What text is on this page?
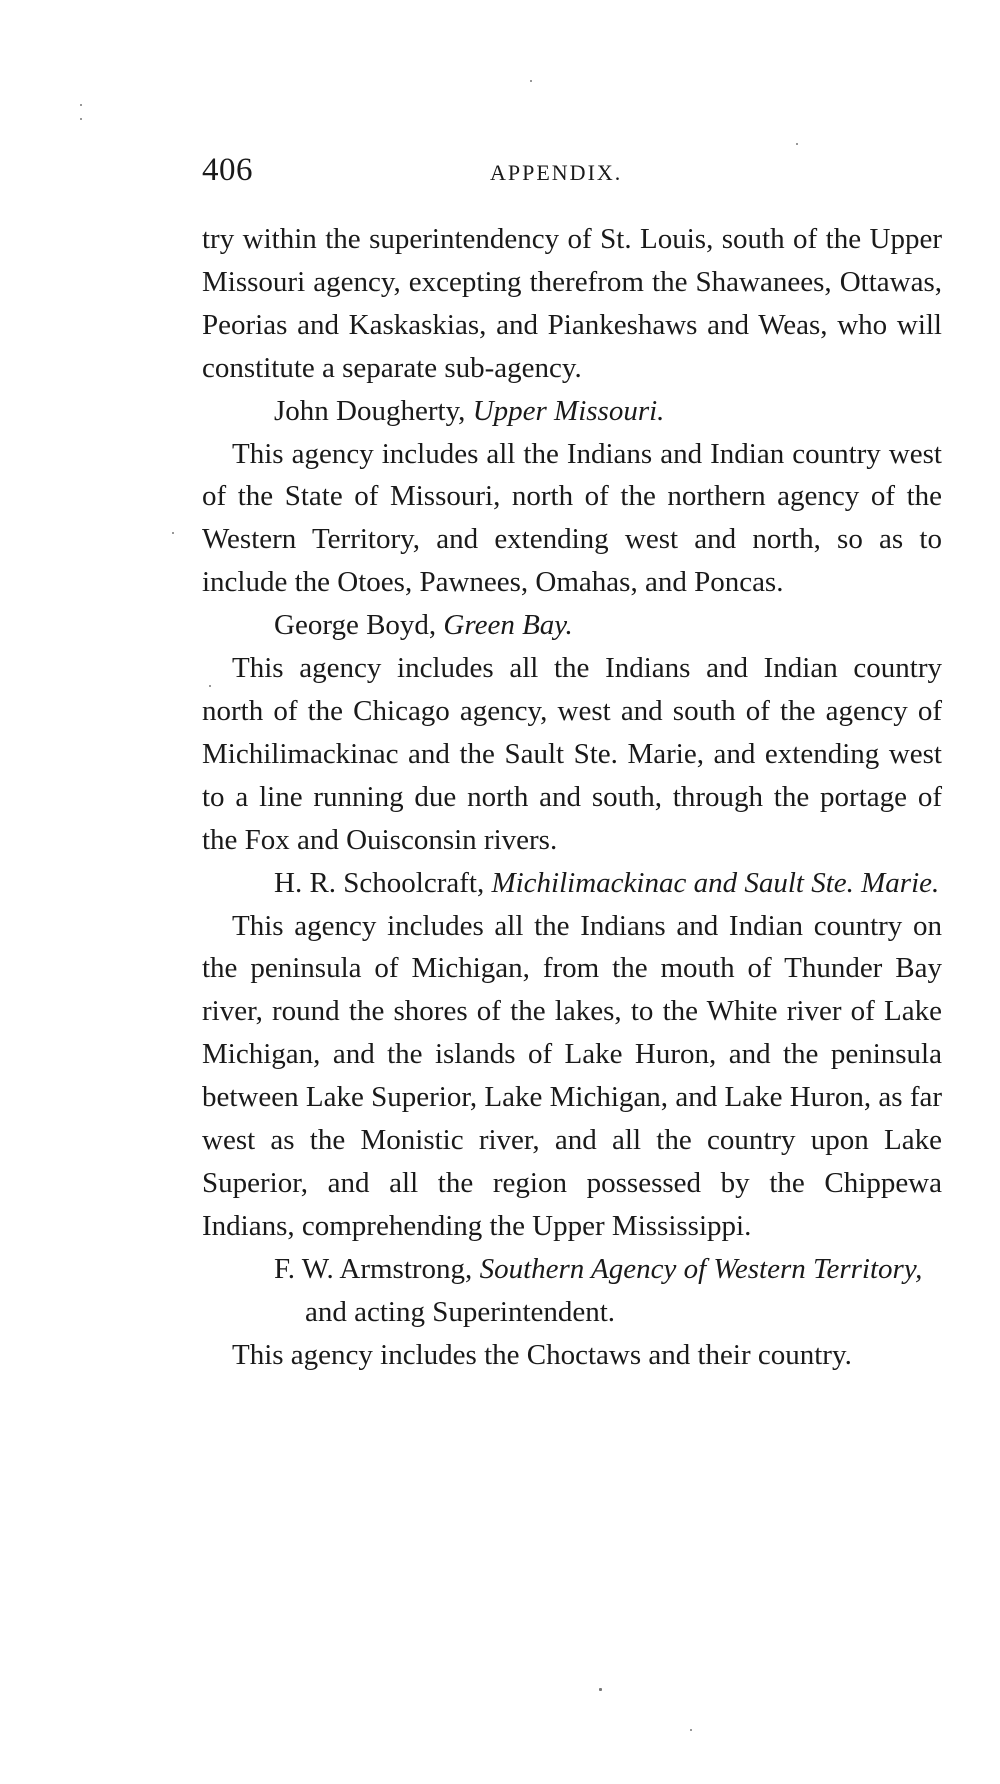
406	APPENDIX.

try within the superintendency of St. Louis, south of the Upper Missouri agency, excepting therefrom the Shawanees, Ottawas, Peorias and Kaskaskias, and Piankeshaws and Weas, who will constitute a separate sub-agency.

John Dougherty, Upper Missouri.

This agency includes all the Indians and Indian country west of the State of Missouri, north of the northern agency of the Western Territory, and extending west and north, so as to include the Otoes, Pawnees, Omahas, and Poncas.

George Boyd, Green Bay.

This agency includes all the Indians and Indian country north of the Chicago agency, west and south of the agency of Michilimackinac and the Sault Ste. Marie, and extending west to a line running due north and south, through the portage of the Fox and Ouisconsin rivers.

H. R. Schoolcraft, Michilimackinac and Sault Ste. Marie.

This agency includes all the Indians and Indian country on the peninsula of Michigan, from the mouth of Thunder Bay river, round the shores of the lakes, to the White river of Lake Michigan, and the islands of Lake Huron, and the peninsula between Lake Superior, Lake Michigan, and Lake Huron, as far west as the Monistic river, and all the country upon Lake Superior, and all the region possessed by the Chippewa Indians, comprehending the Upper Mississippi.

F. W. Armstrong, Southern Agency of Western Territory, and acting Superintendent.

This agency includes the Choctaws and their country.
